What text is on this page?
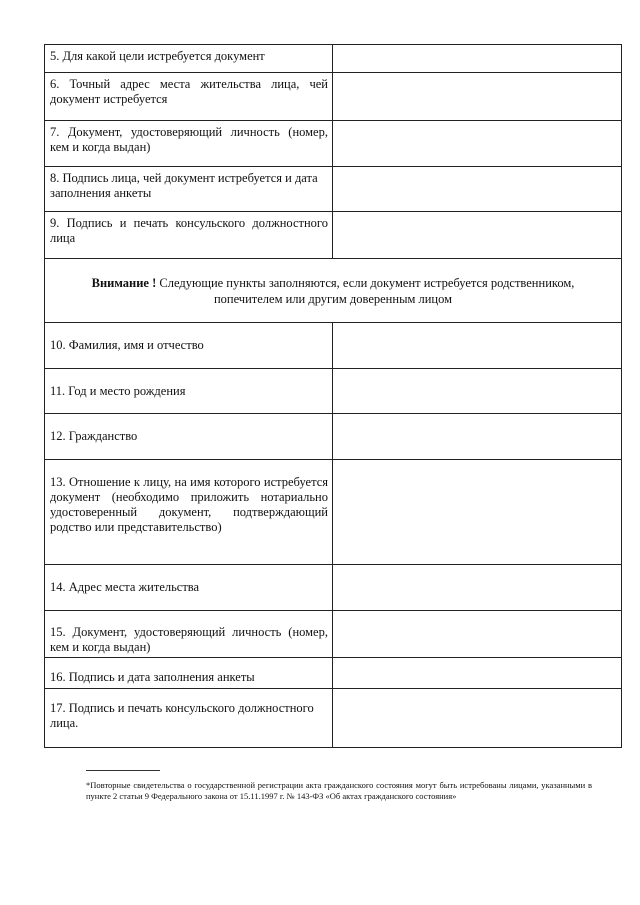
5. Для какой цели истребуется документ	
6. Точный адрес места жительства лица, чей документ истребуется	
7. Документ, удостоверяющий личность (номер, кем и когда выдан)	
8. Подпись лица, чей документ истребуется и дата заполнения анкеты	
9. Подпись и печать консульского должностного лица	
Внимание ! Следующие пункты заполняются, если документ истребуется родственником, попечителем или другим доверенным лицом	
10. Фамилия, имя и отчество	
11. Год и место рождения	
12. Гражданство	
13. Отношение к лицу, на имя которого истребуется документ (необходимо приложить нотариально удостоверенный документ, подтверждающий родство или представительство)	
14. Адрес места жительства	
15. Документ, удостоверяющий личность (номер, кем и когда выдан)	
16. Подпись и дата заполнения анкеты	
17. Подпись и печать консульского должностного лица.	
*Повторные свидетельства о государственной регистрации акта гражданского состояния могут быть истребованы лицами, указанными в пункте 2 статьи 9 Федерального закона от 15.11.1997 г. № 143-ФЗ «Об актах гражданского состояния»
